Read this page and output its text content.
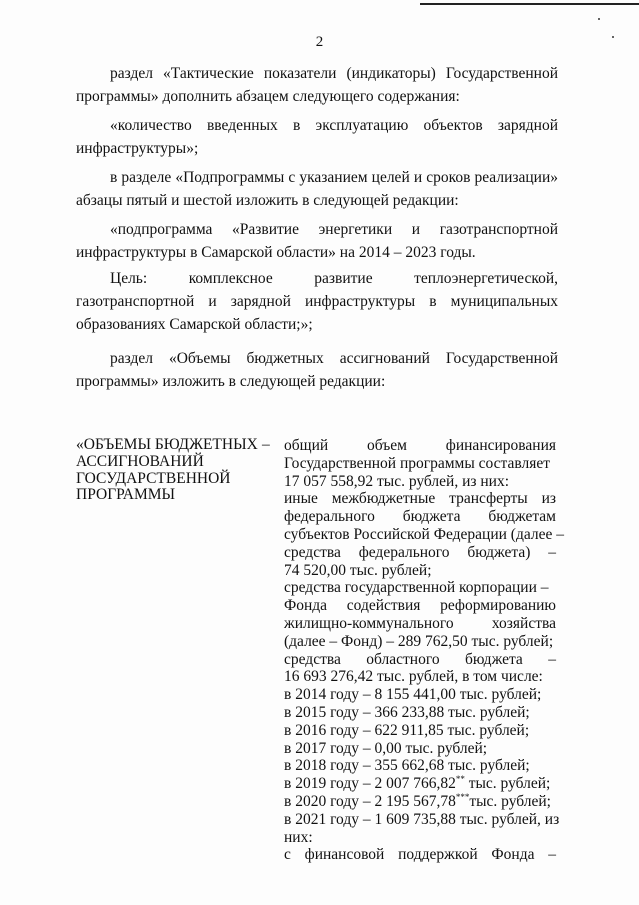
2

раздел «Тактические показатели (индикаторы) Государственной программы» дополнить абзацем следующего содержания:

«количество введенных в эксплуатацию объектов зарядной инфраструктуры»;

в разделе «Подпрограммы с указанием целей и сроков реализации» абзацы пятый и шестой изложить в следующей редакции:

«подпрограмма «Развитие энергетики и газотранспортной инфраструктуры в Самарской области» на 2014 – 2023 годы.

Цель: комплексное развитие теплоэнергетической, газотранспортной и зарядной инфраструктуры в муниципальных образованиях Самарской области;»;

раздел «Объемы бюджетных ассигнований Государственной программы» изложить в следующей редакции:

«ОБЪЕМЫ БЮДЖЕТНЫХ
АССИГНОВАНИЙ
ГОСУДАРСТВЕННОЙ
ПРОГРАММЫ
– общий объем финансирования
Государственной программы составляет
17 057 558,92 тыс. рублей, из них:
иные межбюджетные трансферты из
федерального бюджета бюджетам
субъектов Российской Федерации (далее –
средства федерального бюджета) –
74 520,00 тыс. рублей;
средства государственной корпорации –
Фонда содействия реформированию
жилищно-коммунального хозяйства
(далее – Фонд) – 289 762,50 тыс. рублей;
средства областного бюджета –
16 693 276,42 тыс. рублей, в том числе:
в 2014 году – 8 155 441,00 тыс. рублей;
в 2015 году – 366 233,88 тыс. рублей;
в 2016 году – 622 911,85 тыс. рублей;
в 2017 году – 0,00 тыс. рублей;
в 2018 году – 355 662,68 тыс. рублей;
в 2019 году – 2 007 766,82** тыс. рублей;
в 2020 году – 2 195 567,78***тыс. рублей;
в 2021 году – 1 609 735,88 тыс. рублей, из
них:
с финансовой поддержкой Фонда –
